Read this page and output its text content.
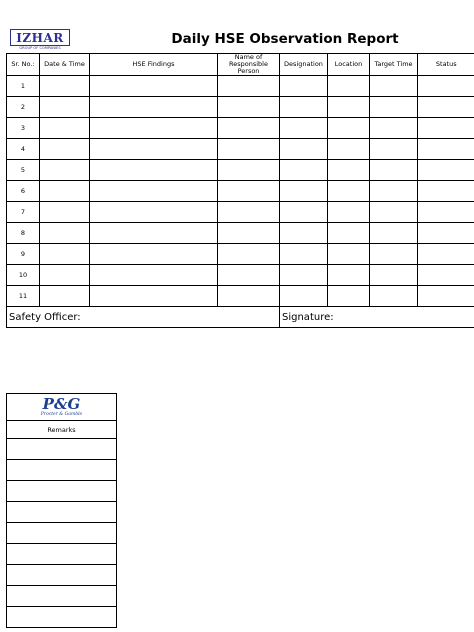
IZHAR
GROUP OF COMPANIES
Daily HSE Observation Report
Sr. No.:	Date & Time	HSE Findings	Name of Responsible Person	Designation	Location	Target Time	Status
1							
2							
3							
4							
5							
6							
7							
8							
9							
10							
11							
Safety Officer:				Signature:			
P&G
Procter & Gamble
Remarks
